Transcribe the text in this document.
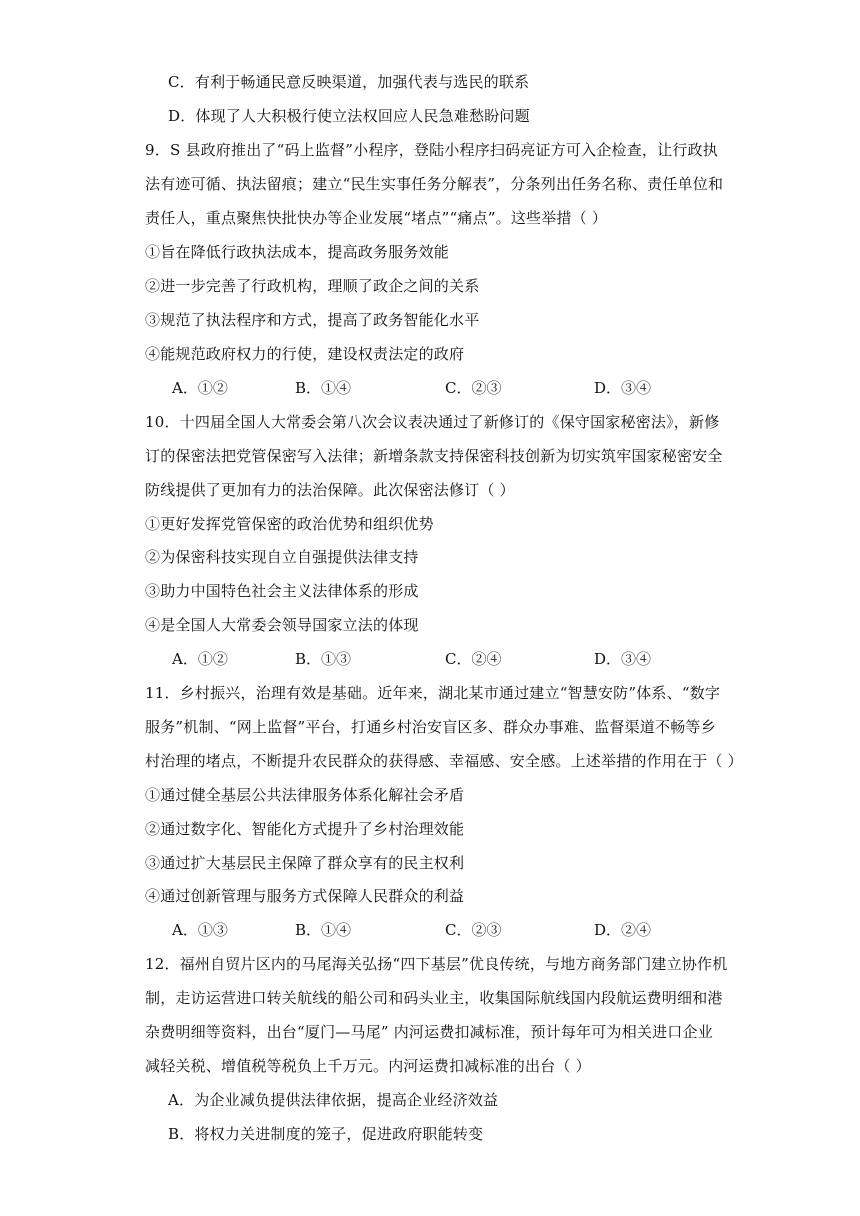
C．有利于畅通民意反映渠道，加强代表与选民的联系
D．体现了人大积极行使立法权回应人民急难愁盼问题
9．S 县政府推出了“码上监督”小程序，登陆小程序扫码亮证方可入企检查，让行政执
法有迹可循、执法留痕；建立“民生实事任务分解表”，分条列出任务名称、责任单位和
责任人，重点聚焦快批快办等企业发展“堵点”“痛点”。这些举措（ ）
①旨在降低行政执法成本，提高政务服务效能
②进一步完善了行政机构，理顺了政企之间的关系
③规范了执法程序和方式，提高了政务智能化水平
④能规范政府权力的行使，建设权责法定的政府
A．①②	B．①④	C．②③	D．③④
10．十四届全国人大常委会第八次会议表决通过了新修订的《保守国家秘密法》，新修
订的保密法把党管保密写入法律；新增条款支持保密科技创新为切实筑牢国家秘密安全
防线提供了更加有力的法治保障。此次保密法修订（ ）
①更好发挥党管保密的政治优势和组织优势
②为保密科技实现自立自强提供法律支持
③助力中国特色社会主义法律体系的形成
④是全国人大常委会领导国家立法的体现
A．①②	B．①③	C．②④	D．③④
11．乡村振兴，治理有效是基础。近年来，湖北某市通过建立“智慧安防”体系、“数字
服务”机制、“网上监督”平台，打通乡村治安盲区多、群众办事难、监督渠道不畅等乡
村治理的堵点，不断提升农民群众的获得感、幸福感、安全感。上述举措的作用在于（ ）
①通过健全基层公共法律服务体系化解社会矛盾
②通过数字化、智能化方式提升了乡村治理效能
③通过扩大基层民主保障了群众享有的民主权利
④通过创新管理与服务方式保障人民群众的利益
A．①③	B．①④	C．②③	D．②④
12．福州自贸片区内的马尾海关弘扬“四下基层”优良传统，与地方商务部门建立协作机
制，走访运营进口转关航线的船公司和码头业主，收集国际航线国内段航运费明细和港
杂费明细等资料，出台“厦门—马尾” 内河运费扣减标准，预计每年可为相关进口企业
减轻关税、增值税等税负上千万元。内河运费扣减标准的出台（ ）
A．为企业减负提供法律依据，提高企业经济效益
B．将权力关进制度的笼子，促进政府职能转变
